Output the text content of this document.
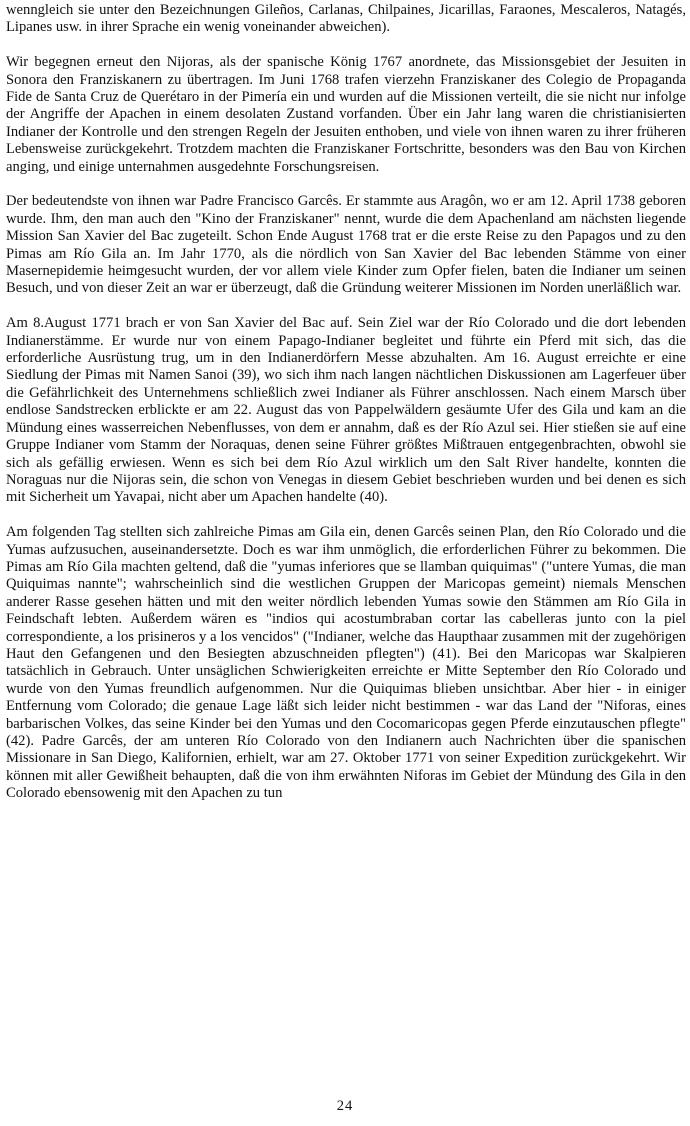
wenngleich sie unter den Bezeichnungen Gileños, Carlanas, Chilpaines, Jicarillas, Faraones, Mescaleros, Natagés, Lipanes usw. in ihrer Sprache ein wenig voneinander abweichen).

Wir begegnen erneut den Nijoras, als der spanische König 1767 anordnete, das Missionsgebiet der Jesuiten in Sonora den Franziskanern zu übertragen. Im Juni 1768 trafen vierzehn Franziskaner des Colegio de Propaganda Fide de Santa Cruz de Querétaro in der Pimería ein und wurden auf die Missionen verteilt, die sie nicht nur infolge der Angriffe der Apachen in einem desolaten Zustand vorfanden. Über ein Jahr lang waren die christianisierten Indianer der Kontrolle und den strengen Regeln der Jesuiten enthoben, und viele von ihnen waren zu ihrer früheren Lebensweise zurückgekehrt. Trotzdem machten die Franziskaner Fortschritte, besonders was den Bau von Kirchen anging, und einige unternahmen ausgedehnte Forschungsreisen.

Der bedeutendste von ihnen war Padre Francisco Garcês. Er stammte aus Aragôn, wo er am 12. April 1738 geboren wurde. Ihm, den man auch den "Kino der Franziskaner" nennt, wurde die dem Apachenland am nächsten liegende Mission San Xavier del Bac zugeteilt. Schon Ende August 1768 trat er die erste Reise zu den Papagos und zu den Pimas am Río Gila an. Im Jahr 1770, als die nördlich von San Xavier del Bac lebenden Stämme von einer Masernepidemie heimgesucht wurden, der vor allem viele Kinder zum Opfer fielen, baten die Indianer um seinen Besuch, und von dieser Zeit an war er überzeugt, daß die Gründung weiterer Missionen im Norden unerläßlich war.

Am 8.August 1771 brach er von San Xavier del Bac auf. Sein Ziel war der Río Colorado und die dort lebenden Indianerstämme. Er wurde nur von einem Papago-Indianer begleitet und führte ein Pferd mit sich, das die erforderliche Ausrüstung trug, um in den Indianerdörfern Messe abzuhalten. Am 16. August erreichte er eine Siedlung der Pimas mit Namen Sanoi (39), wo sich ihm nach langen nächtlichen Diskussionen am Lagerfeuer über die Gefährlichkeit des Unternehmens schließlich zwei Indianer als Führer anschlossen. Nach einem Marsch über endlose Sandstrecken erblickte er am 22. August das von Pappelwäldern gesäumte Ufer des Gila und kam an die Mündung eines wasserreichen Nebenflusses, von dem er annahm, daß es der Río Azul sei. Hier stießen sie auf eine Gruppe Indianer vom Stamm der Noraquas, denen seine Führer größtes Mißtrauen entgegenbrachten, obwohl sie sich als gefällig erwiesen. Wenn es sich bei dem Río Azul wirklich um den Salt River handelte, konnten die Noraguas nur die Nijoras sein, die schon von Venegas in diesem Gebiet beschrieben wurden und bei denen es sich mit Sicherheit um Yavapai, nicht aber um Apachen handelte (40).

Am folgenden Tag stellten sich zahlreiche Pimas am Gila ein, denen Garcês seinen Plan, den Río Colorado und die Yumas aufzusuchen, auseinandersetzte. Doch es war ihm unmöglich, die erforderlichen Führer zu bekommen. Die Pimas am Río Gila machten geltend, daß die "yumas inferiores que se llamban quiquimas" ("untere Yumas, die man Quiquimas nannte"; wahrscheinlich sind die westlichen Gruppen der Maricopas gemeint) niemals Menschen anderer Rasse gesehen hätten und mit den weiter nördlich lebenden Yumas sowie den Stämmen am Río Gila in Feindschaft lebten. Außerdem wären es "indios qui acostumbraban cortar las cabelleras junto con la piel correspondiente, a los prisineros y a los vencidos" ("Indianer, welche das Haupthaar zusammen mit der zugehörigen Haut den Gefangenen und den Besiegten abzuschneiden pflegten") (41). Bei den Maricopas war Skalpieren tatsächlich in Gebrauch. Unter unsäglichen Schwierigkeiten erreichte er Mitte September den Río Colorado und wurde von den Yumas freundlich aufgenommen. Nur die Quiquimas blieben unsichtbar. Aber hier - in einiger Entfernung vom Colorado; die genaue Lage läßt sich leider nicht bestimmen - war das Land der "Niforas, eines barbarischen Volkes, das seine Kinder bei den Yumas und den Cocomaricopas gegen Pferde einzutauschen pflegte" (42). Padre Garcês, der am unteren Río Colorado von den Indianern auch Nachrichten über die spanischen Missionare in San Diego, Kalifornien, erhielt, war am 27. Oktober 1771 von seiner Expedition zurückgekehrt. Wir können mit aller Gewißheit behaupten, daß die von ihm erwähnten Niforas im Gebiet der Mündung des Gila in den Colorado ebensowenig mit den Apachen zu tun

24
